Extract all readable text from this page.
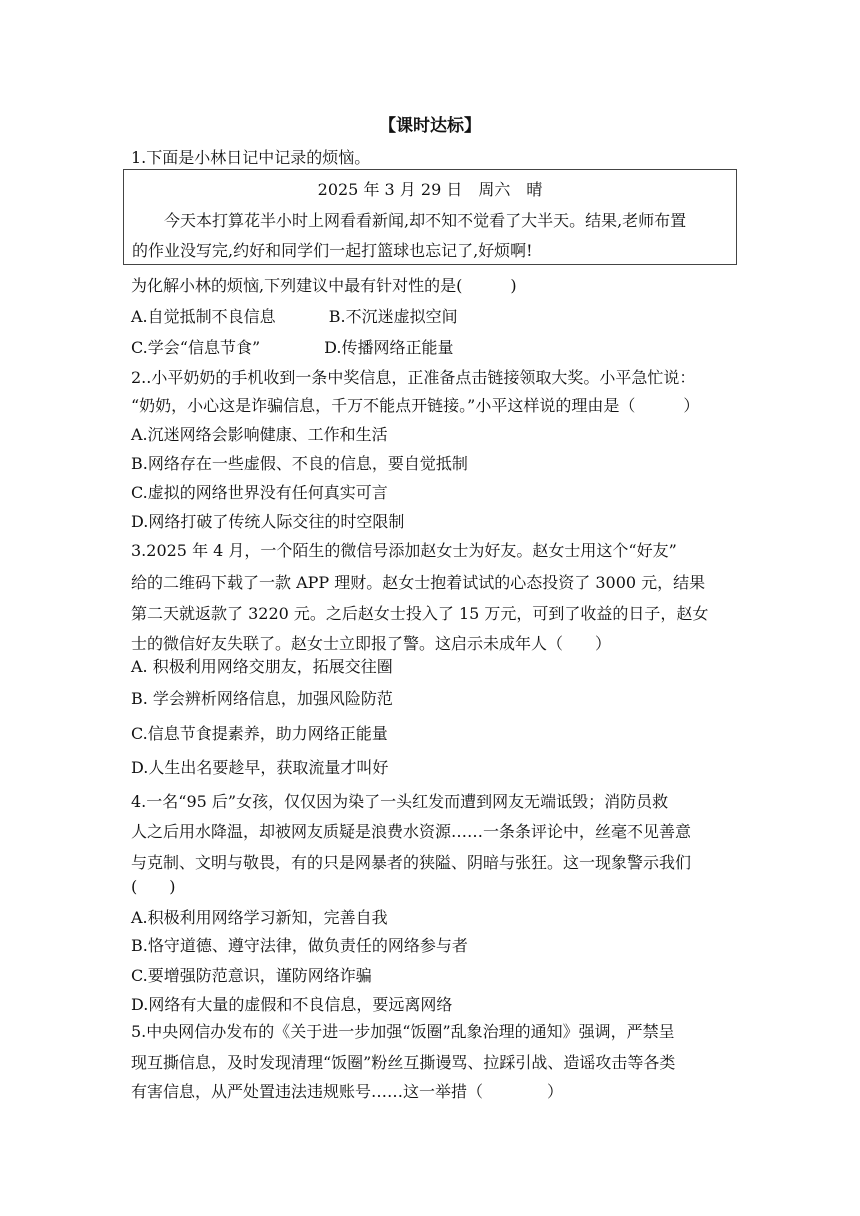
【课时达标】
1.下面是小林日记中记录的烦恼。
2025 年 3 月 29 日　周六　晴
今天本打算花半小时上网看看新闻,却不知不觉看了大半天。结果,老师布置
的作业没写完,约好和同学们一起打篮球也忘记了,好烦啊!
为化解小林的烦恼,下列建议中最有针对性的是(　　　)
A.自觉抵制不良信息　　　 B.不沉迷虚拟空间
C.学会“信息节食”　　　　D.传播网络正能量
2..小平奶奶的手机收到一条中奖信息，正准备点击链接领取大奖。小平急忙说：
“奶奶，小心这是诈骗信息，千万不能点开链接。”小平这样说的理由是（　　　）
A.沉迷网络会影响健康、工作和生活
B.网络存在一些虚假、不良的信息，要自觉抵制
C.虚拟的网络世界没有任何真实可言
D.网络打破了传统人际交往的时空限制
3.2025 年 4 月，一个陌生的微信号添加赵女士为好友。赵女士用这个“好友”
给的二维码下载了一款 APP 理财。赵女士抱着试试的心态投资了 3000 元，结果
第二天就返款了 3220 元。之后赵女士投入了 15 万元，可到了收益的日子，赵女
士的微信好友失联了。赵女士立即报了警。这启示未成年人（　　）
A. 积极利用网络交朋友，拓展交往圈
B. 学会辨析网络信息，加强风险防范
C.信息节食提素养，助力网络正能量
D.人生出名要趁早，获取流量才叫好
4.一名“95 后”女孩，仅仅因为染了一头红发而遭到网友无端诋毁；消防员救
人之后用水降温，却被网友质疑是浪费水资源……一条条评论中，丝毫不见善意
与克制、文明与敬畏，有的只是网暴者的狭隘、阴暗与张狂。这一现象警示我们
(　　)
A.积极利用网络学习新知，完善自我
B.恪守道德、遵守法律，做负责任的网络参与者
C.要增强防范意识，谨防网络诈骗
D.网络有大量的虚假和不良信息，要远离网络
5.中央网信办发布的《关于进一步加强“饭圈”乱象治理的通知》强调，严禁呈
现互撕信息，及时发现清理“饭圈”粉丝互撕谩骂、拉踩引战、造谣攻击等各类
有害信息，从严处置违法违规账号……这一举措（　　　　）
